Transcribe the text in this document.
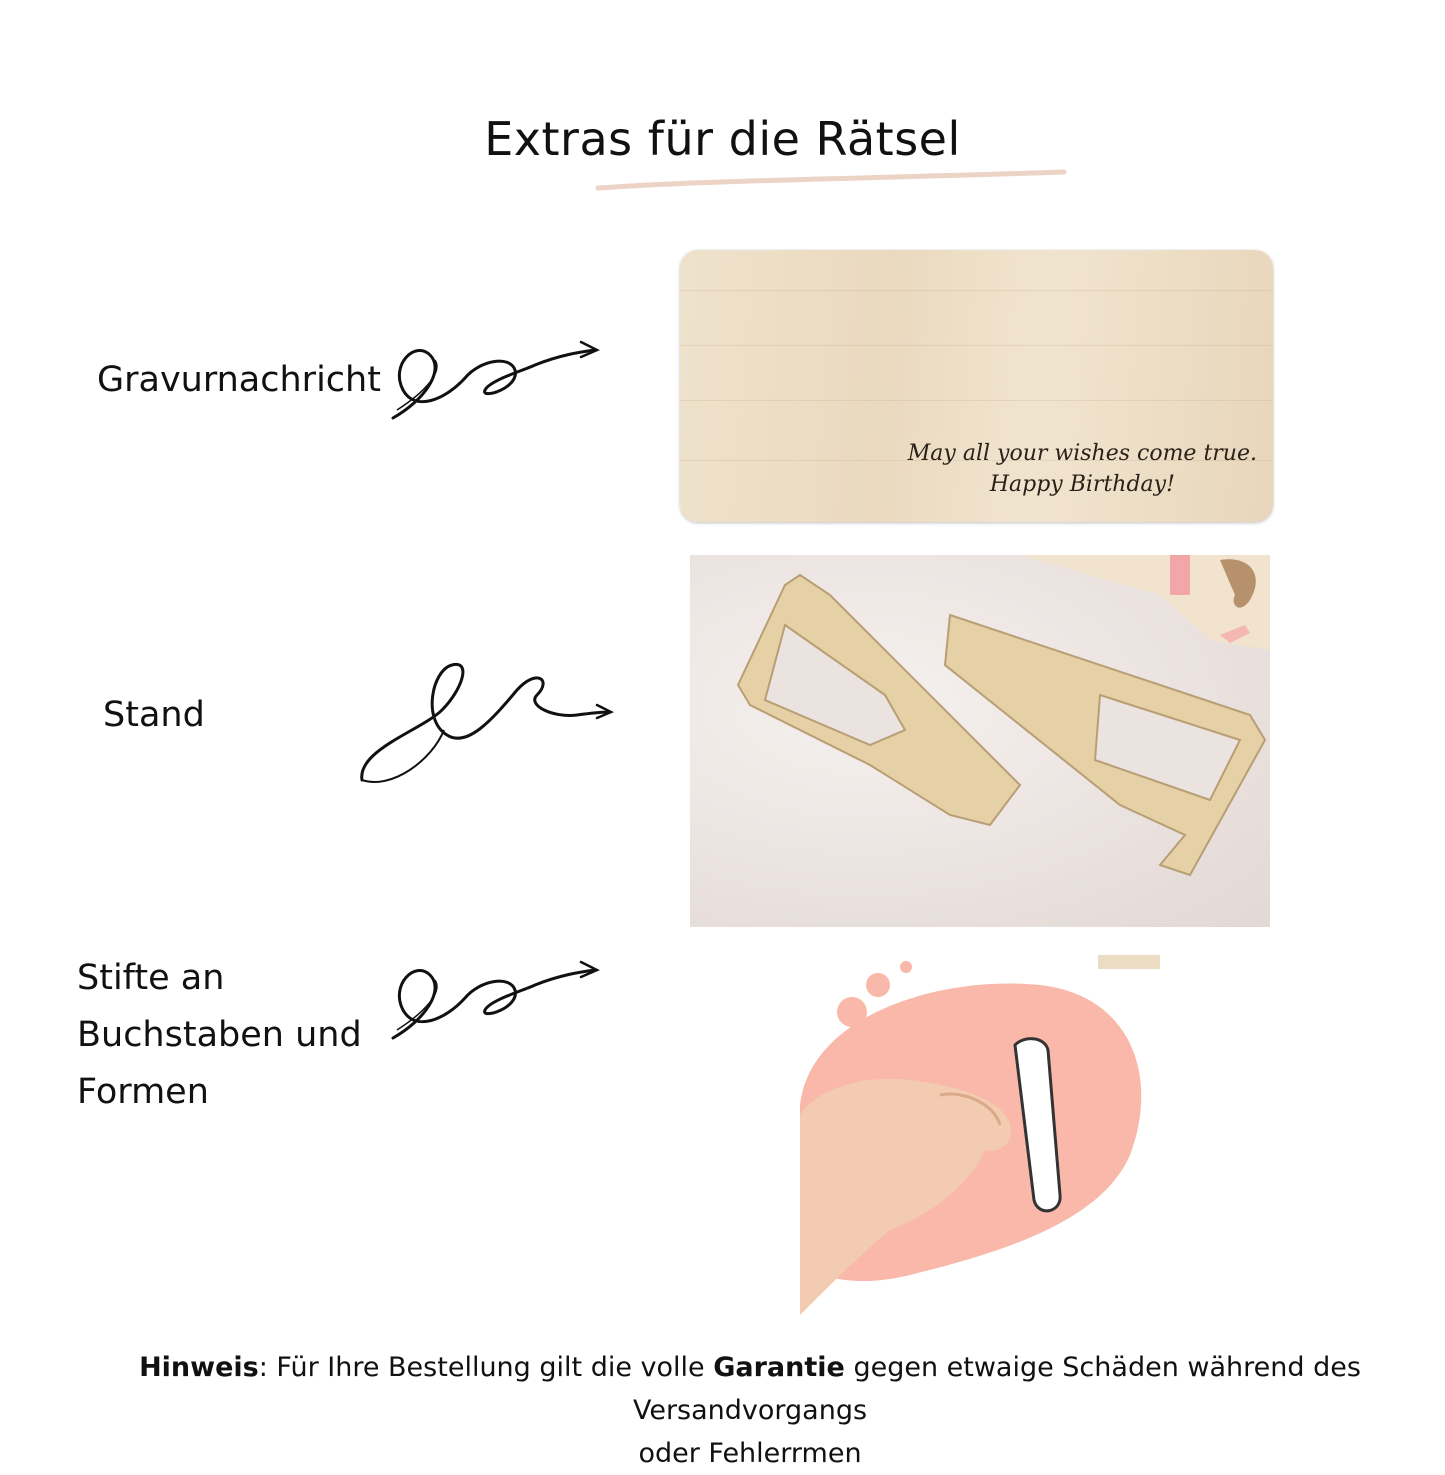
Extras für die Rätsel
Gravurnachricht
May all your wishes come true.
Happy Birthday!
Stand
Stifte an
Buchstaben und
Formen
Hinweis: Für Ihre Bestellung gilt die volle Garantie gegen etwaige Schäden während des Versandvorgangs
oder Fehlerrmen
